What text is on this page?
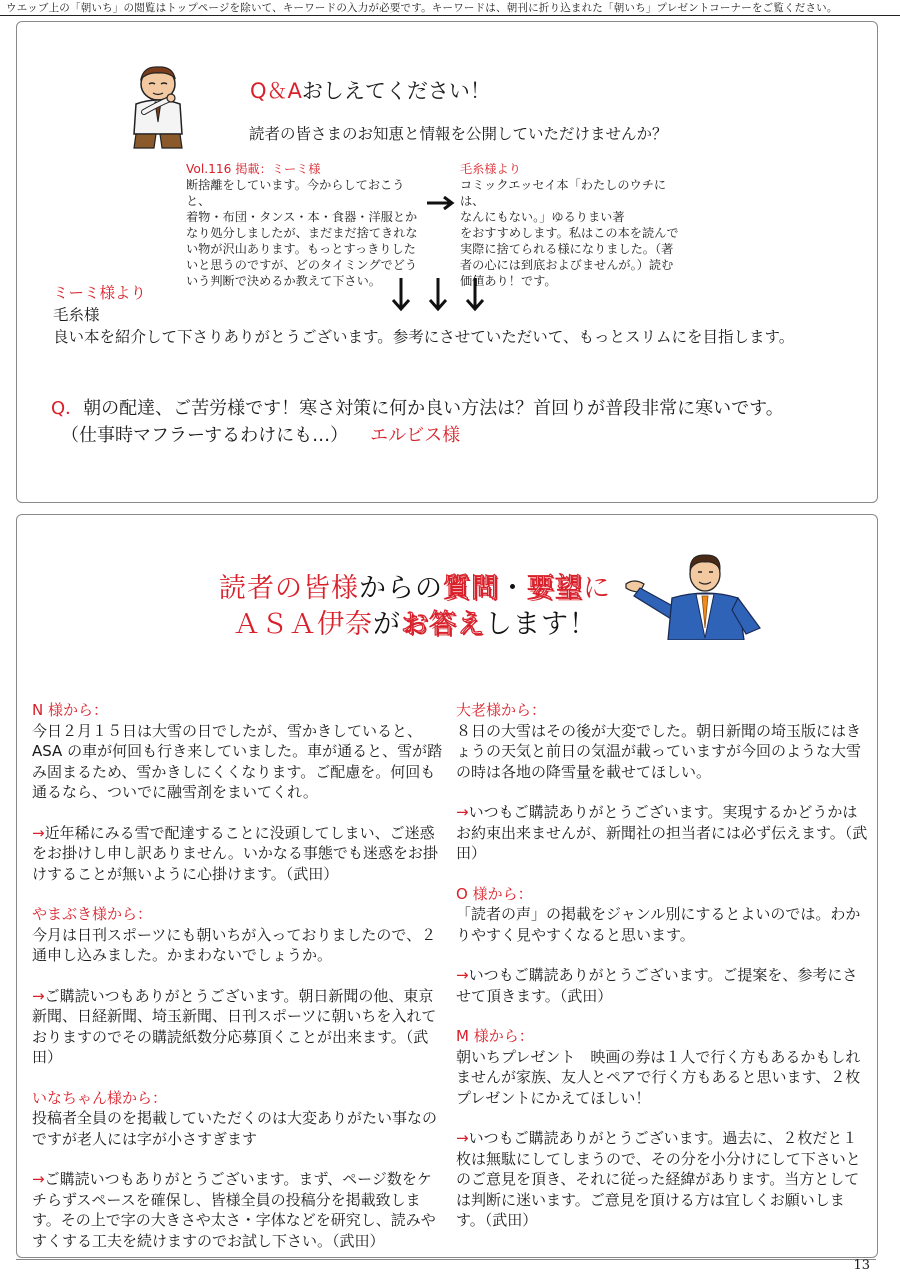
ウエッブ上の「朝いち」の閲覧はトップページを除いて、キーワードの入力が必要です。キーワードは、朝刊に折り込まれた「朝いち」プレゼントコーナーをご覧ください。
Q＆Aおしえてください！
読者の皆さまのお知恵と情報を公開していただけませんか？
Vol.116 掲載：ミーミ様
断捨離をしています。今からしておこうと、
着物・布団・タンス・本・食器・洋服とか
なり処分しましたが、まだまだ捨てきれな
い物が沢山あります。もっとすっきりした
いと思うのですが、どのタイミングでどう
いう判断で決めるか教えて下さい。
毛糸様より
コミックエッセイ本「わたしのウチには、
なんにもない。」ゆるりまい著
をおすすめします。私はこの本を読んで
実際に捨てられる様になりました。（著
者の心には到底およびませんが。）読む
価値あり！です。
ミーミ様より
毛糸様
良い本を紹介して下さりありがとうございます。参考にさせていただいて、もっとスリムにを目指します。
Q．朝の配達、ご苦労様です！寒さ対策に何か良い方法は？首回りが普段非常に寒いです。
（仕事時マフラーするわけにも…） エルビス様
読者の皆様からの質問・要望に
ＡＳＡ伊奈がお答えします！
N 様から：
今日２月１５日は大雪の日でしたが、雪かきしていると、ASA の車が何回も行き来していました。車が通ると、雪が踏み固まるため、雪かきしにくくなります。ご配慮を。何回も通るなら、ついでに融雪剤をまいてくれ。
→近年稀にみる雪で配達することに没頭してしまい、ご迷惑をお掛けし申し訳ありません。いかなる事態でも迷惑をお掛けすることが無いように心掛けます。（武田）
やまぶき様から：
今月は日刊スポーツにも朝いちが入っておりましたので、２通申し込みました。かまわないでしょうか。
→ご購読いつもありがとうございます。朝日新聞の他、東京新聞、日経新聞、埼玉新聞、日刊スポーツに朝いちを入れておりますのでその購読紙数分応募頂くことが出来ます。（武田）
いなちゃん様から：
投稿者全員のを掲載していただくのは大変ありがたい事なのですが老人には字が小さすぎます
→ご購読いつもありがとうございます。まず、ページ数をケチらずスペースを確保し、皆様全員の投稿分を掲載致します。その上で字の大きさや太さ・字体などを研究し、読みやすくする工夫を続けますのでお試し下さい。（武田）
大老様から：
８日の大雪はその後が大変でした。朝日新聞の埼玉版にはきょうの天気と前日の気温が載っていますが今回のような大雪の時は各地の降雪量を載せてほしい。
→いつもご購読ありがとうございます。実現するかどうかはお約束出来ませんが、新聞社の担当者には必ず伝えます。（武田）
O 様から：
「読者の声」の掲載をジャンル別にするとよいのでは。わかりやすく見やすくなると思います。
→いつもご購読ありがとうございます。ご提案を、参考にさせて頂きます。（武田）
M 様から：
朝いちプレゼント　映画の券は１人で行く方もあるかもしれませんが家族、友人とペアで行く方もあると思います、２枚プレゼントにかえてほしい！
→いつもご購読ありがとうございます。過去に、２枚だと１枚は無駄にしてしまうので、その分を小分けにして下さいとのご意見を頂き、それに従った経緯があります。当方としては判断に迷います。ご意見を頂ける方は宜しくお願いします。（武田）
13
